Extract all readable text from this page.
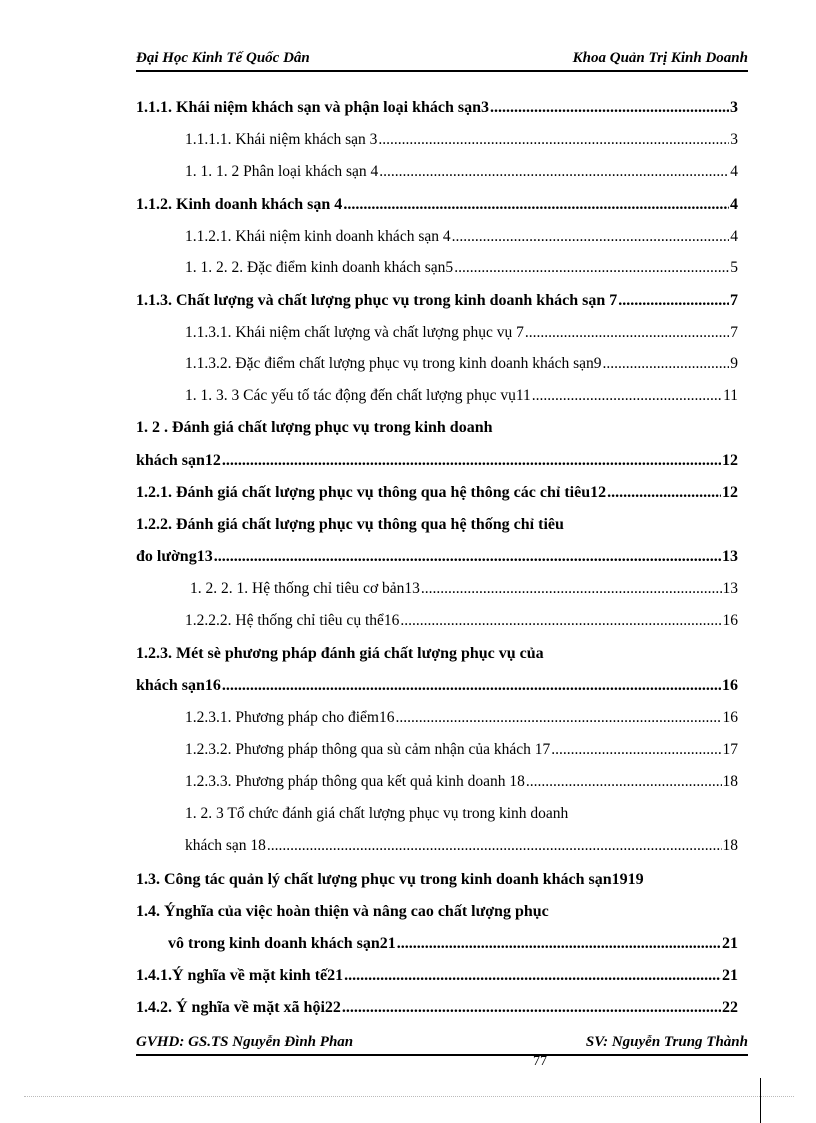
Đại Học Kinh Tế Quốc Dân	Khoa Quản Trị Kinh Doanh
1.1.1. Khái niệm khách sạn và phận loại khách sạn3 .....	3
1.1.1.1. Khái niệm khách sạn 3 .....	3
1. 1. 1. 2 Phân loại khách sạn 4 .....	4
1.1.2. Kinh doanh khách sạn 4 .....	4
1.1.2.1. Khái niệm kinh doanh khách sạn 4 .....	4
1. 1. 2. 2. Đặc điểm kinh doanh khách sạn5 .....	5
1.1.3. Chất lượng và chất lượng phục vụ trong kinh doanh khách sạn 7 .....	7
1.1.3.1. Khái niệm chất lượng và chất lượng phục vụ 7 .....	7
1.1.3.2. Đặc điểm chất lượng phục vụ trong kinh doanh khách sạn9 .....	9
1. 1. 3. 3 Các yếu tố tác động đến chất lượng phục vụ11 .....	11
1. 2 . Đánh giá chất lượng phục vụ trong kinh doanh
khách sạn12 .....	12
1.2.1. Đánh giá chất lượng phục vụ thông qua hệ thông các chỉ tiêu12 .....	12
1.2.2. Đánh giá chất lượng phục vụ thông qua hệ thống chỉ tiêu
đo lường13 .....	13
1. 2. 2. 1. Hệ thống chỉ tiêu cơ bản13 .....	13
1.2.2.2. Hệ thống chỉ tiêu cụ thể16 .....	16
1.2.3. Mét sè phương pháp đánh giá chất lượng phục vụ của
khách sạn16 .....	16
1.2.3.1. Phương pháp cho điểm16 .....	16
1.2.3.2. Phương pháp thông qua sù cảm nhận của khách 17 .....	17
1.2.3.3. Phương pháp thông qua kết quả kinh doanh 18 .....	18
1. 2. 3 Tổ chức đánh giá chất lượng phục vụ trong kinh doanh
khách sạn 18 .....	18
1.3. Công tác quản lý chất lượng phục vụ trong kinh doanh khách sạn1919
1.4. Ýnghĩa của việc hoàn thiện và nâng cao chất lượng phục
vô trong kinh doanh khách sạn21 .....	21
1.4.1.Ý nghĩa về mặt kinh tế21 .....	21
1.4.2. Ý nghĩa về mặt xã hội22 .....	22
GVHD: GS.TS Nguyễn Đình Phan	SV: Nguyễn Trung Thành
77
